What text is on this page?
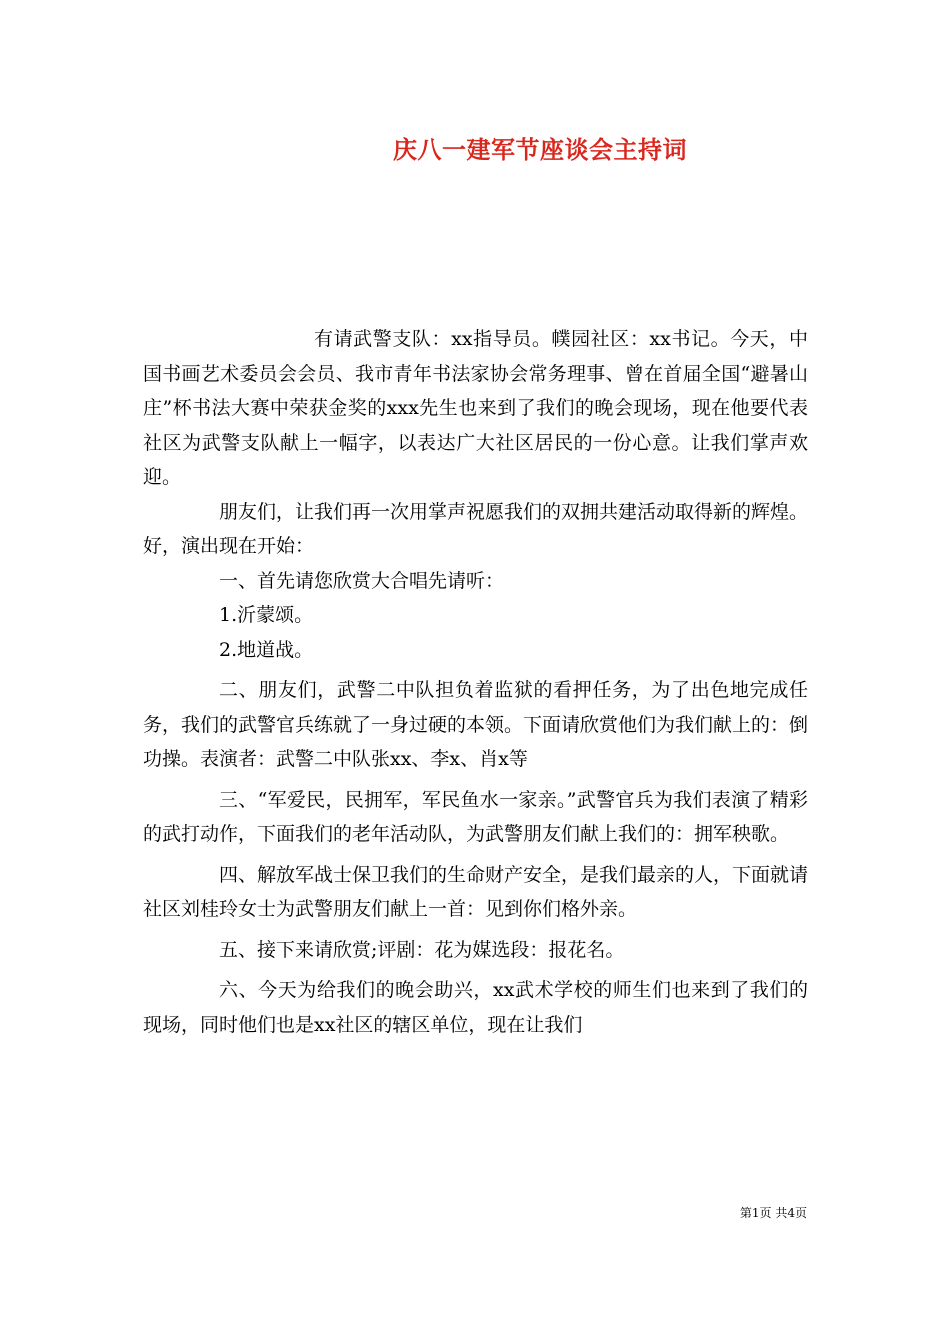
庆八一建军节座谈会主持词

有请武警支队：xx指导员。幞园社区：xx书记。今天，中国书画艺术委员会会员、我市青年书法家协会常务理事、曾在首届全国“避暑山庄”杯书法大赛中荣获金奖的xxx先生也来到了我们的晚会现场，现在他要代表社区为武警支队献上一幅字，以表达广大社区居民的一份心意。让我们掌声欢迎。

朋友们，让我们再一次用掌声祝愿我们的双拥共建活动取得新的辉煌。好，演出现在开始：

一、首先请您欣赏大合唱先请听：

1.沂蒙颂。

2.地道战。

二、朋友们，武警二中队担负着监狱的看押任务，为了出色地完成任务，我们的武警官兵练就了一身过硬的本领。下面请欣赏他们为我们献上的：倒功操。表演者：武警二中队张xx、李x、肖x等

三、“军爱民，民拥军，军民鱼水一家亲。”武警官兵为我们表演了精彩的武打动作，下面我们的老年活动队，为武警朋友们献上我们的：拥军秧歌。

四、解放军战士保卫我们的生命财产安全，是我们最亲的人，下面就请社区刘桂玲女士为武警朋友们献上一首：见到你们格外亲。

五、接下来请欣赏;评剧：花为媒选段：报花名。

六、今天为给我们的晚会助兴，xx武术学校的师生们也来到了我们的现场，同时他们也是xx社区的辖区单位，现在让我们

第1页 共4页
